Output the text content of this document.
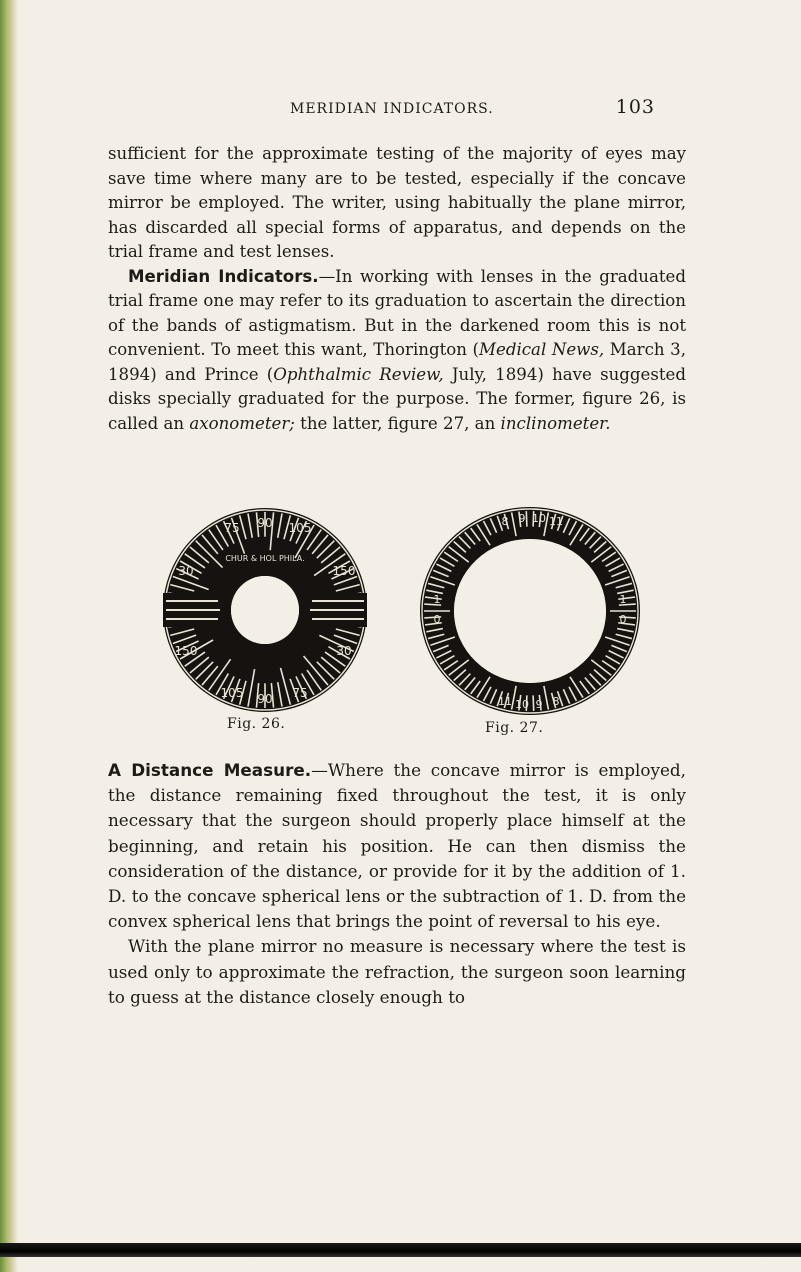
MERIDIAN INDICATORS.	103

sufficient for the approximate testing of the majority of eyes may save time where many are to be tested, especially if the concave mirror be employed. The writer, using habitually the plane mirror, has discarded all special forms of apparatus, and depends on the trial frame and test lenses.

Meridian Indicators.—In working with lenses in the graduated trial frame one may refer to its graduation to ascertain the direction of the bands of astigmatism. But in the darkened room this is not convenient. To meet this want, Thorington (Medical News, March 3, 1894) and Prince (Ophthalmic Review, July, 1894) have suggested disks specially graduated for the purpose. The former, figure 26, is called an axonometer; the latter, figure 27, an inclinometer.

75 90 105
105 90 75
30	150
150	30
CHUR & HOL PHILA.
Fig. 26.
8 9 10 11
11 10 9 8
1
0
1
0
Fig. 27.

A Distance Measure.—Where the concave mirror is employed, the distance remaining fixed throughout the test, it is only necessary that the surgeon should properly place himself at the beginning, and retain his position. He can then dismiss the consideration of the distance, or provide for it by the addition of 1. D. to the concave spherical lens or the subtraction of 1. D. from the convex spherical lens that brings the point of reversal to his eye.

With the plane mirror no measure is necessary where the test is used only to approximate the refraction, the surgeon soon learning to guess at the distance closely enough to
